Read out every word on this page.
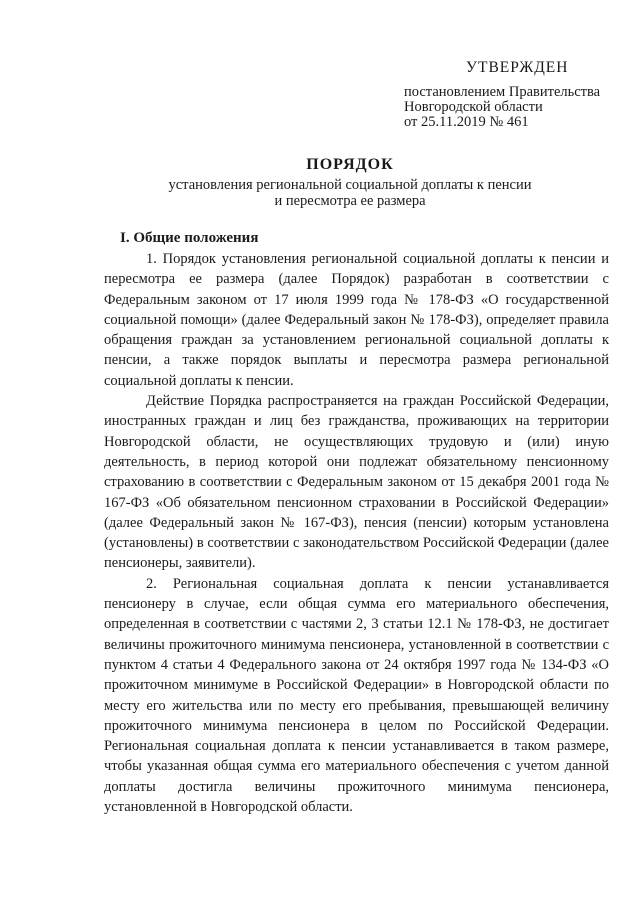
УТВЕРЖДЕН
постановлением Правительства
Новгородской области
от 25.11.2019 № 461
ПОРЯДОК
установления региональной социальной доплаты к пенсии
и пересмотра ее размера
I. Общие положения

1. Порядок установления региональной социальной доплаты к пенсии и пересмотра ее размера (далее Порядок) разработан в соответствии с Федеральным законом от 17 июля 1999 года № 178-ФЗ «О государственной социальной помощи» (далее Федеральный закон № 178-ФЗ), определяет правила обращения граждан за установлением региональной социальной доплаты к пенсии, а также порядок выплаты и пересмотра размера региональной социальной доплаты к пенсии.

Действие Порядка распространяется на граждан Российской Федерации, иностранных граждан и лиц без гражданства, проживающих на территории Новгородской области, не осуществляющих трудовую и (или) иную деятельность, в период которой они подлежат обязательному пенсионному страхованию в соответствии с Федеральным законом от 15 декабря 2001 года № 167-ФЗ «Об обязательном пенсионном страховании в Российской Федерации» (далее Федеральный закон № 167-ФЗ), пенсия (пенсии) которым установлена (установлены) в соответствии с законодательством Российской Федерации (далее пенсионеры, заявители).

2. Региональная социальная доплата к пенсии устанавливается пенсионеру в случае, если общая сумма его материального обеспечения, определенная в соответствии с частями 2, 3 статьи 12.1 № 178-ФЗ, не достигает величины прожиточного минимума пенсионера, установленной в соответствии с пунктом 4 статьи 4 Федерального закона от 24 октября 1997 года № 134-ФЗ «О прожиточном минимуме в Российской Федерации» в Новгородской области по месту его жительства или по месту его пребывания, превышающей величину прожиточного минимума пенсионера в целом по Российской Федерации. Региональная социальная доплата к пенсии устанавливается в таком размере, чтобы указанная общая сумма его материального обеспечения с учетом данной доплаты достигла величины прожиточного минимума пенсионера, установленной в Новгородской области.
